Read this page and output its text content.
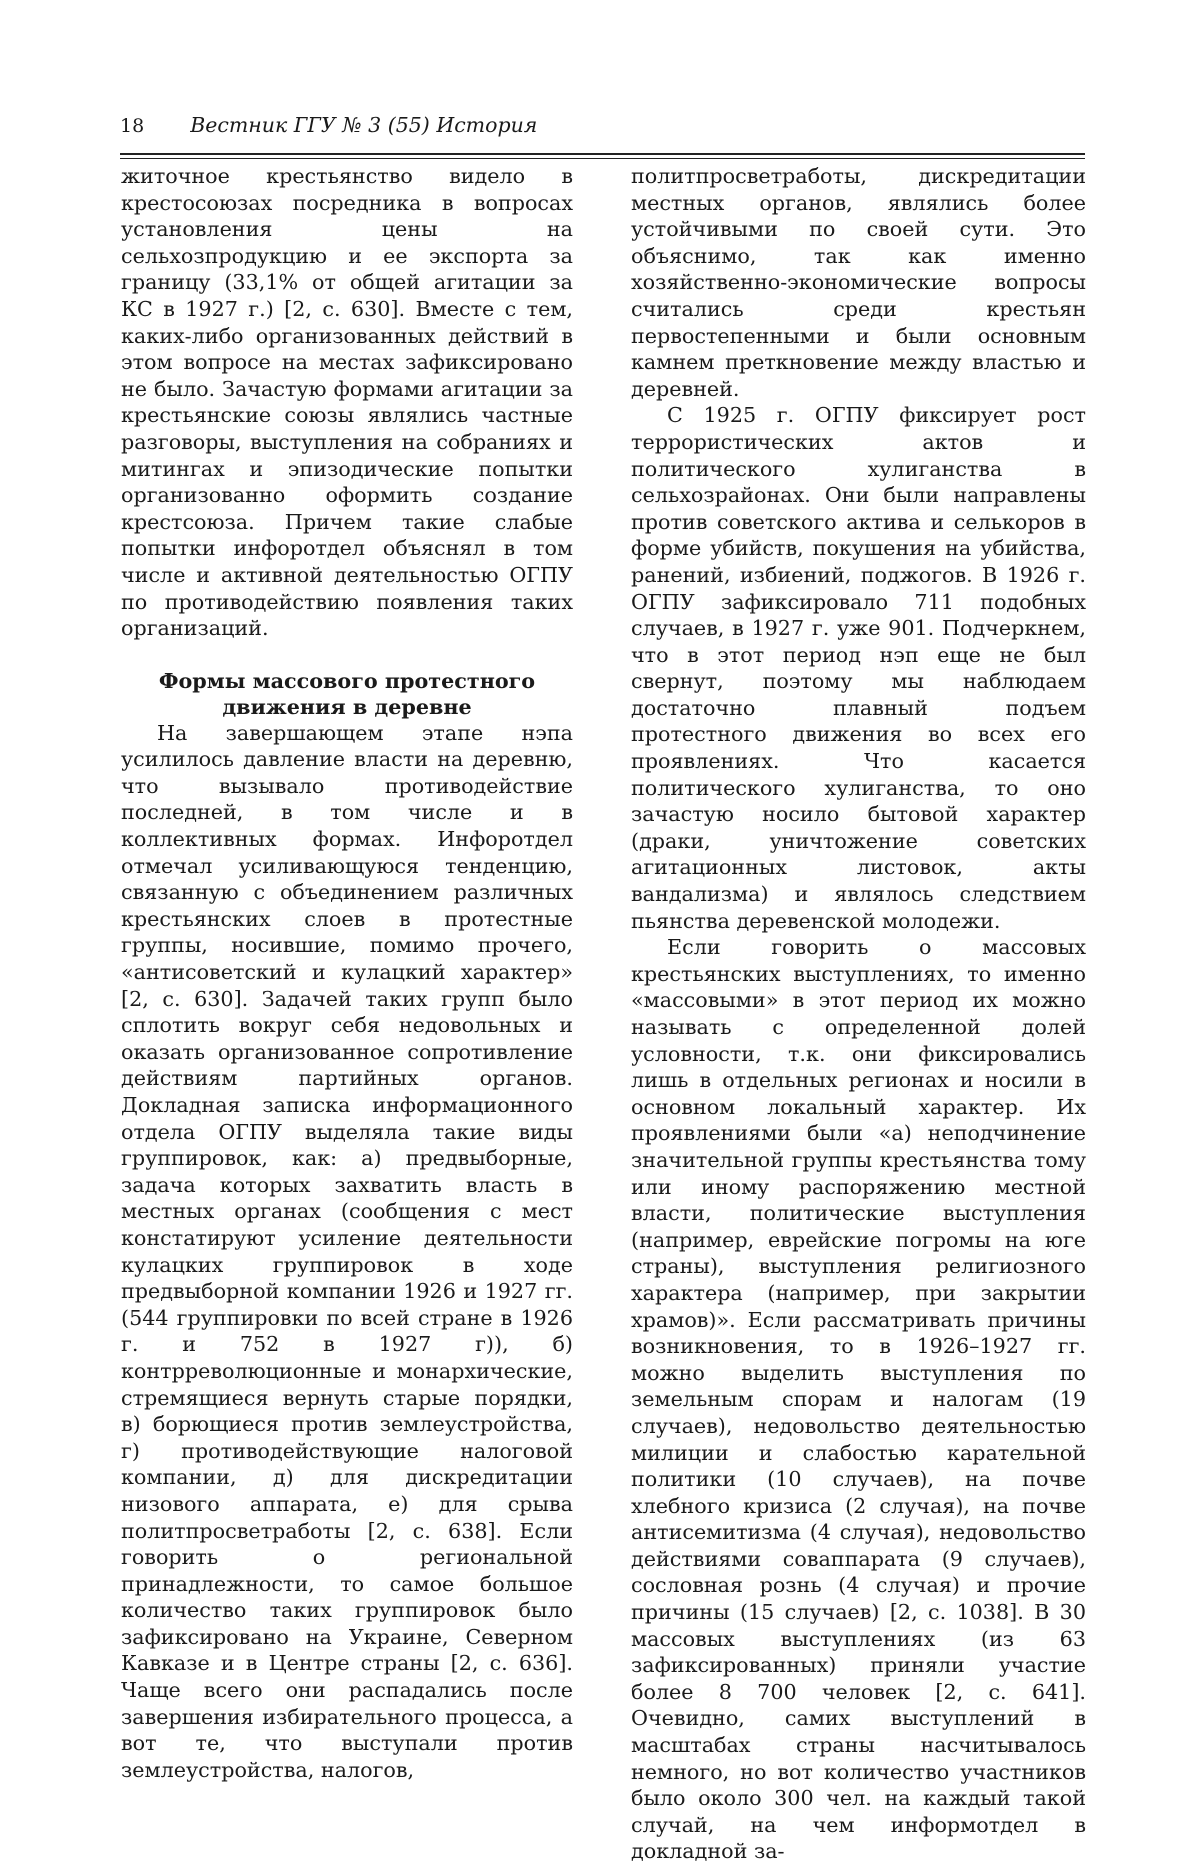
18 Вестник ГГУ № 3 (55) История

житочное крестьянство видело в крестосоюзах посредника в вопросах установления цены на сельхозпродукцию и ее экспорта за границу (33,1% от общей агитации за КС в 1927 г.) [2, с. 630]. Вместе с тем, каких-либо организованных действий в этом вопросе на местах зафиксировано не было. Зачастую формами агитации за крестьянские союзы являлись частные разговоры, выступления на собраниях и митингах и эпизодические попытки организованно оформить создание крестсоюза. Причем такие слабые попытки инфоротдел объяснял в том числе и активной деятельностью ОГПУ по противодействию появления таких организаций.

Формы массового протестного движения в деревне

На завершающем этапе нэпа усилилось давление власти на деревню, что вызывало противодействие последней, в том числе и в коллективных формах. Инфоротдел отмечал усиливающуюся тенденцию, связанную с объединением различных крестьянских слоев в протестные группы, носившие, помимо прочего, «антисоветский и кулацкий характер» [2, с. 630]. Задачей таких групп было сплотить вокруг себя недовольных и оказать организованное сопротивление действиям партийных органов. Докладная записка информационного отдела ОГПУ выделяла такие виды группировок, как: а) предвыборные, задача которых захватить власть в местных органах (сообщения с мест констатируют усиление деятельности кулацких группировок в ходе предвыборной компании 1926 и 1927 гг. (544 группировки по всей стране в 1926 г. и 752 в 1927 г)), б) контрреволюционные и монархические, стремящиеся вернуть старые порядки, в) борющиеся против землеустройства, г) противодействующие налоговой компании, д) для дискредитации низового аппарата, е) для срыва политпросветработы [2, с. 638]. Если говорить о региональной принадлежности, то самое большое количество таких группировок было зафиксировано на Украине, Северном Кавказе и в Центре страны [2, с. 636]. Чаще всего они распадались после завершения избирательного процесса, а вот те, что выступали против землеустройства, налогов,

политпросветработы, дискредитации местных органов, являлись более устойчивыми по своей сути. Это объяснимо, так как именно хозяйственно-экономические вопросы считались среди крестьян первостепенными и были основным камнем преткновение между властью и деревней.

С 1925 г. ОГПУ фиксирует рост террористических актов и политического хулиганства в сельхозрайонах. Они были направлены против советского актива и селькоров в форме убийств, покушения на убийства, ранений, избиений, поджогов. В 1926 г. ОГПУ зафиксировало 711 подобных случаев, в 1927 г. уже 901. Подчеркнем, что в этот период нэп еще не был свернут, поэтому мы наблюдаем достаточно плавный подъем протестного движения во всех его проявлениях. Что касается политического хулиганства, то оно зачастую носило бытовой характер (драки, уничтожение советских агитационных листовок, акты вандализма) и являлось следствием пьянства деревенской молодежи.

Если говорить о массовых крестьянских выступлениях, то именно «массовыми» в этот период их можно называть с определенной долей условности, т.к. они фиксировались лишь в отдельных регионах и носили в основном локальный характер. Их проявлениями были «а) неподчинение значительной группы крестьянства тому или иному распоряжению местной власти, политические выступления (например, еврейские погромы на юге страны), выступления религиозного характера (например, при закрытии храмов)». Если рассматривать причины возникновения, то в 1926–1927 гг. можно выделить выступления по земельным спорам и налогам (19 случаев), недовольство деятельностью милиции и слабостью карательной политики (10 случаев), на почве хлебного кризиса (2 случая), на почве антисемитизма (4 случая), недовольство действиями совaппарата (9 случаев), сословная рознь (4 случая) и прочие причины (15 случаев) [2, с. 1038]. В 30 массовых выступлениях (из 63 зафиксированных) приняли участие более 8 700 человек [2, с. 641]. Очевидно, самих выступлений в масштабах страны насчитывалось немного, но вот количество участников было около 300 чел. на каждый такой случай, на чем информотдел в докладной за-
